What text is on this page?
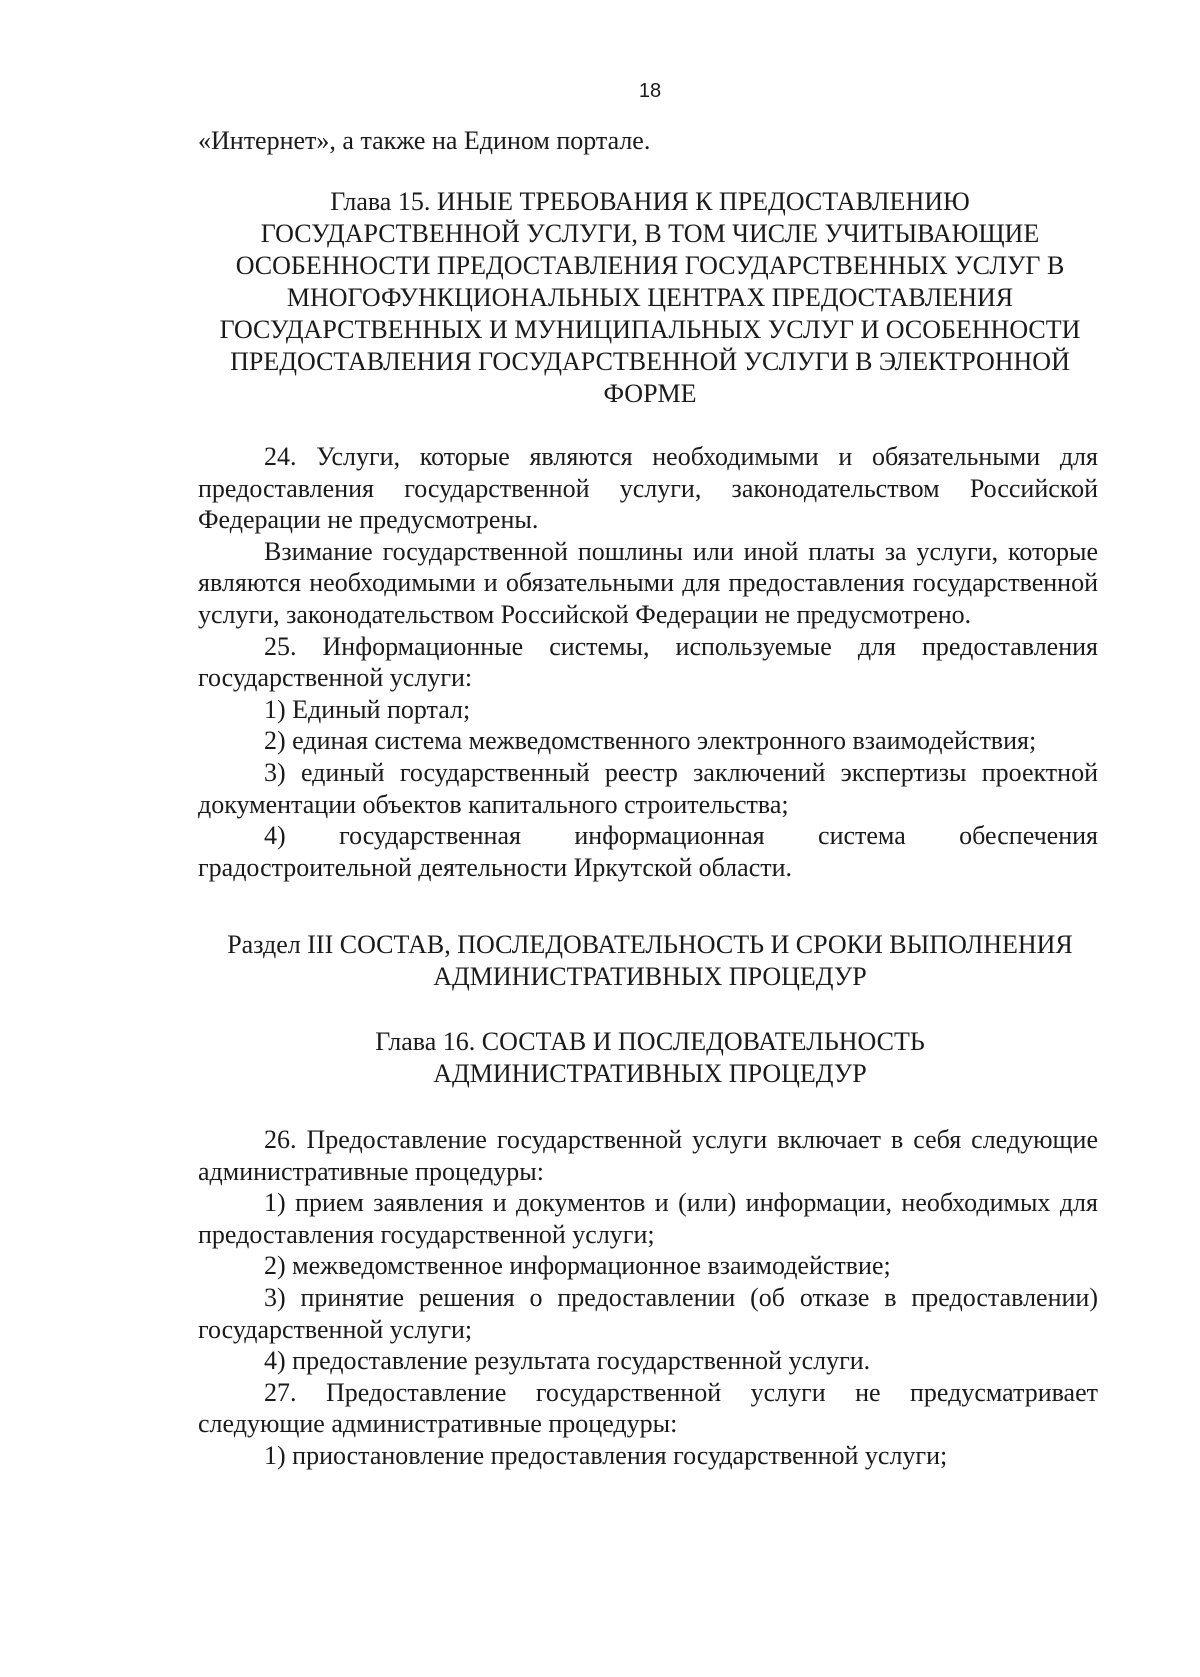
18

«Интернет», а также на Едином портале.

Глава 15. ИНЫЕ ТРЕБОВАНИЯ К ПРЕДОСТАВЛЕНИЮ
ГОСУДАРСТВЕННОЙ УСЛУГИ, В ТОМ ЧИСЛЕ УЧИТЫВАЮЩИЕ
ОСОБЕННОСТИ ПРЕДОСТАВЛЕНИЯ ГОСУДАРСТВЕННЫХ УСЛУГ В
МНОГОФУНКЦИОНАЛЬНЫХ ЦЕНТРАХ ПРЕДОСТАВЛЕНИЯ
ГОСУДАРСТВЕННЫХ И МУНИЦИПАЛЬНЫХ УСЛУГ И ОСОБЕННОСТИ
ПРЕДОСТАВЛЕНИЯ ГОСУДАРСТВЕННОЙ УСЛУГИ В ЭЛЕКТРОННОЙ
ФОРМЕ

24. Услуги, которые являются необходимыми и обязательными для предоставления государственной услуги, законодательством Российской Федерации не предусмотрены.

Взимание государственной пошлины или иной платы за услуги, которые являются необходимыми и обязательными для предоставления государственной услуги, законодательством Российской Федерации не предусмотрено.

25. Информационные системы, используемые для предоставления государственной услуги:

1) Единый портал;

2) единая система межведомственного электронного взаимодействия;

3) единый государственный реестр заключений экспертизы проектной документации объектов капитального строительства;

4) государственная информационная система обеспечения градостроительной деятельности Иркутской области.

Раздел III СОСТАВ, ПОСЛЕДОВАТЕЛЬНОСТЬ И СРОКИ ВЫПОЛНЕНИЯ
АДМИНИСТРАТИВНЫХ ПРОЦЕДУР
Глава 16. СОСТАВ И ПОСЛЕДОВАТЕЛЬНОСТЬ
АДМИНИСТРАТИВНЫХ ПРОЦЕДУР

26. Предоставление государственной услуги включает в себя следующие административные процедуры:

1) прием заявления и документов и (или) информации, необходимых для предоставления государственной услуги;

2) межведомственное информационное взаимодействие;

3) принятие решения о предоставлении (об отказе в предоставлении) государственной услуги;

4) предоставление результата государственной услуги.

27. Предоставление государственной услуги не предусматривает следующие административные процедуры:

1) приостановление предоставления государственной услуги;
